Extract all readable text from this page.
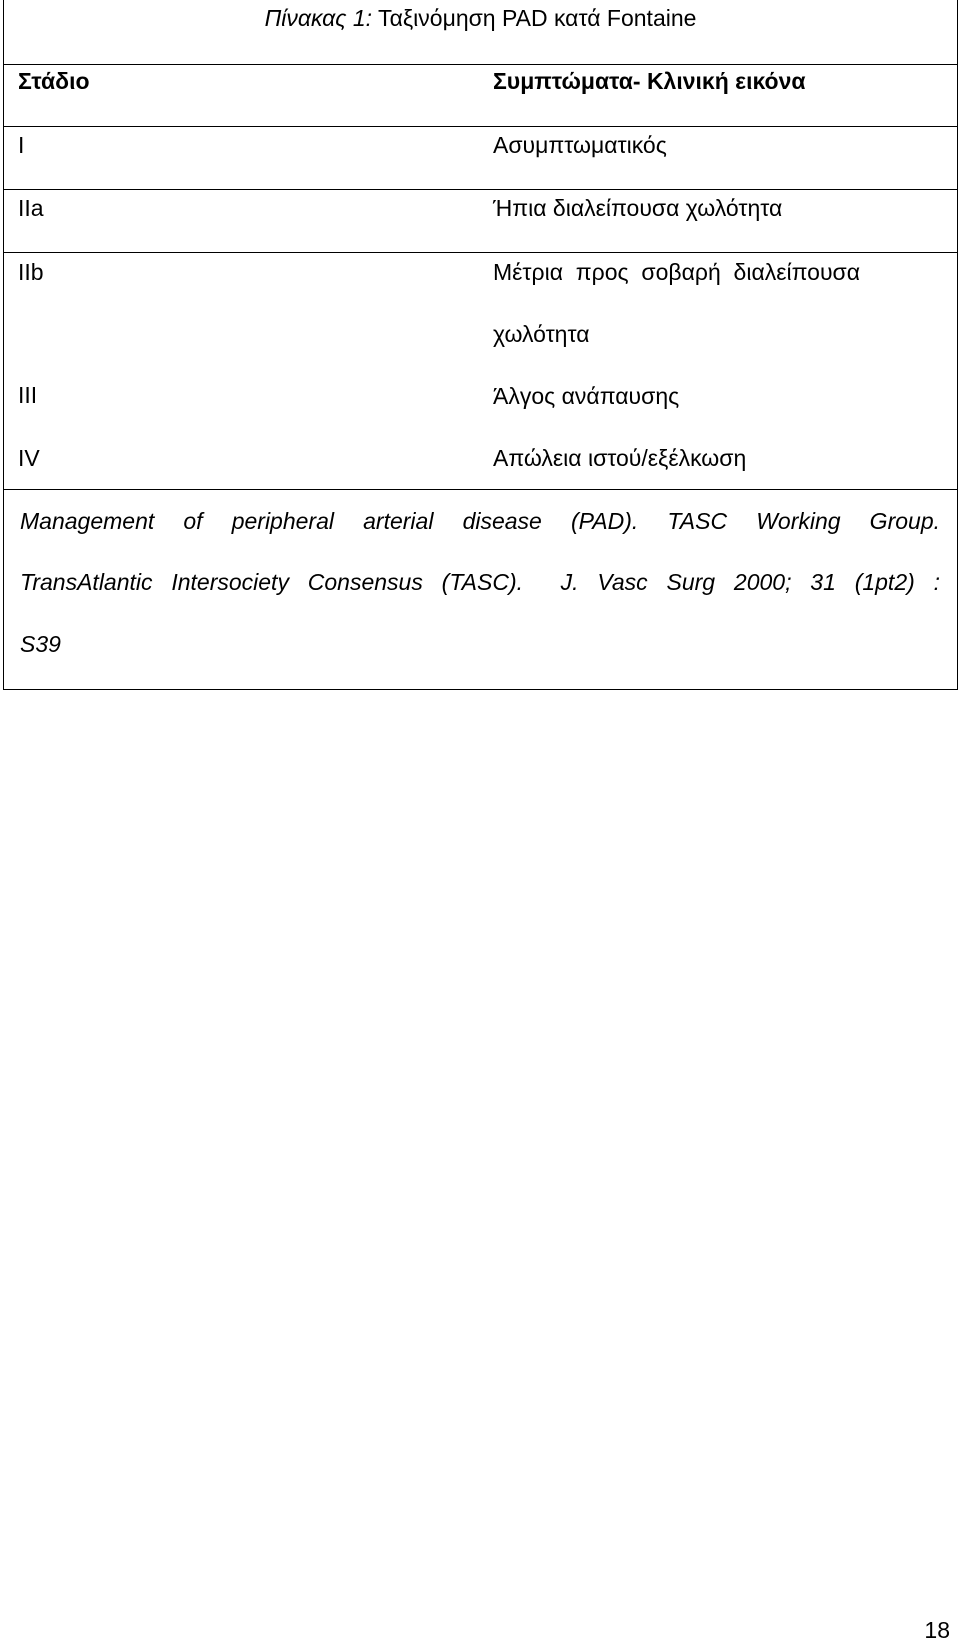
Πίνακας 1: Ταξινόμηση PAD κατά Fontaine
Στάδιο	Συμπτώματα- Κλινική εικόνα
I	Ασυμπτωματικός
IIa	Ήπια διαλείπουσα χωλότητα
IIb	Μέτρια  προς  σοβαρή  διαλείπουσα
χωλότητα
III	Άλγος ανάπαυσης
IV	Απώλεια ιστού/εξέλκωση
Management of peripheral arterial disease (PAD). TASC Working Group.
TransAtlantic Intersociety Consensus (TASC).  J. Vasc Surg 2000; 31 (1pt2) :
S39
18
